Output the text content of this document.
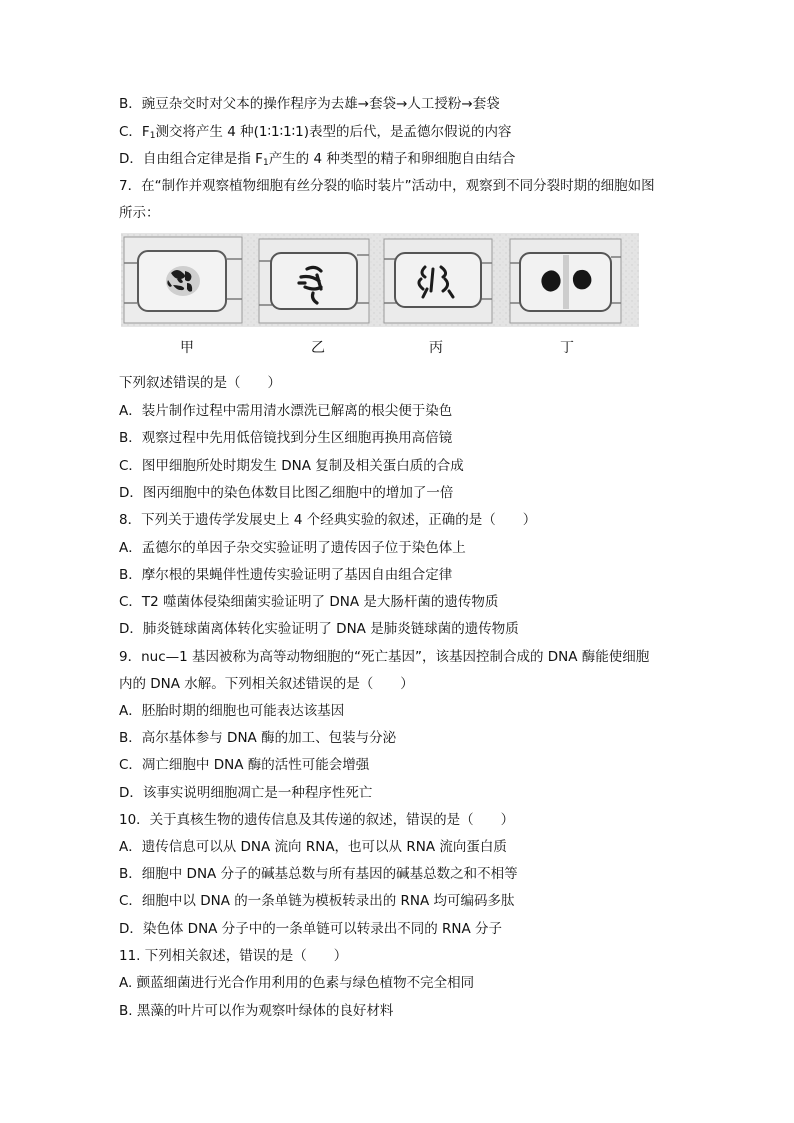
B．豌豆杂交时对父本的操作程序为去雄→套袋→人工授粉→套袋
C．$F_1$测交将产生 4 种(1∶1∶1∶1)表型的后代，是孟德尔假说的内容
D．自由组合定律是指 $F_1$产生的 4 种类型的精子和卵细胞自由结合
7．在“制作并观察植物细胞有丝分裂的临时装片”活动中，观察到不同分裂时期的细胞如图
所示：
甲	乙	丙	丁
下列叙述错误的是（　　）
A．装片制作过程中需用清水漂洗已解离的根尖便于染色
B．观察过程中先用低倍镜找到分生区细胞再换用高倍镜
C．图甲细胞所处时期发生 DNA 复制及相关蛋白质的合成
D．图丙细胞中的染色体数目比图乙细胞中的增加了一倍
8．下列关于遗传学发展史上 4 个经典实验的叙述，正确的是（　　）
A．孟德尔的单因子杂交实验证明了遗传因子位于染色体上
B．摩尔根的果蝇伴性遗传实验证明了基因自由组合定律
C．T2 噬菌体侵染细菌实验证明了 DNA 是大肠杆菌的遗传物质
D．肺炎链球菌离体转化实验证明了 DNA 是肺炎链球菌的遗传物质
9．nuc—1 基因被称为高等动物细胞的“死亡基因”，该基因控制合成的 DNA 酶能使细胞
内的 DNA 水解。下列相关叙述错误的是（　　）
A．胚胎时期的细胞也可能表达该基因
B．高尔基体参与 DNA 酶的加工、包装与分泌
C．凋亡细胞中 DNA 酶的活性可能会增强
D．该事实说明细胞凋亡是一种程序性死亡
10．关于真核生物的遗传信息及其传递的叙述，错误的是（　　）
A．遗传信息可以从 DNA 流向 RNA，也可以从 RNA 流向蛋白质
B．细胞中 DNA 分子的碱基总数与所有基因的碱基总数之和不相等
C．细胞中以 DNA 的一条单链为模板转录出的 RNA 均可编码多肽
D．染色体 DNA 分子中的一条单链可以转录出不同的 RNA 分子
11. 下列相关叙述，错误的是（　　）
A. 颤蓝细菌进行光合作用利用的色素与绿色植物不完全相同
B. 黑藻的叶片可以作为观察叶绿体的良好材料
